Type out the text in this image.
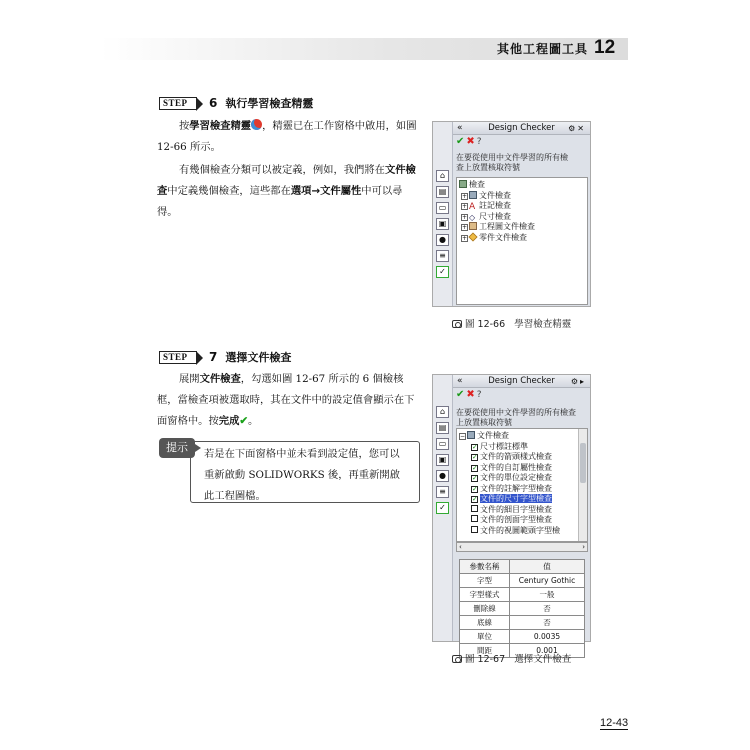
其他工程圖工具 12
STEP	6 執行學習檢查精靈
按學習檢查精靈 ，精靈已在工作窗格中啟用，如圖 12-66 所示。
有幾個檢查分類可以被定義，例如，我們將在文件檢查中定義幾個檢查，這些都在選項→文件屬性中可以尋得。
⌂
▤
▭
▣
●
≡
✓
«	Design Checker ⚙✕
✔✖?
在要從使用中文件學習的所有檢查上放置核取符號
檢查
+ 文件檢查
+ A 註記檢查
+ ◇ 尺寸檢查
+ 工程圖文件檢查
+ 零件文件檢查
圖 12-66 學習檢查精靈
STEP	7 選擇文件檢查
展開文件檢查，勾選如圖 12-67 所示的 6 個檢核框，當檢查項被選取時，其在文件中的設定值會顯示在下面窗格中。按完成✔。
提示	若是在下面窗格中並未看到設定值，您可以重新啟動 SOLIDWORKS 後，再重新開啟此工程圖檔。
⌂
▤
▭
▣
●
≡
✓
«	Design Checker ⚙▸
✔✖?
在要從使用中文件學習的所有檢查上放置核取符號
− 文件檢查
✓ 尺寸標註標準
✓ 文件的箭頭樣式檢查
✓ 文件的自訂屬性檢查
✓ 文件的單位設定檢查
✓ 文件的註解字型檢查
✓ 文件的尺寸字型檢查
文件的細目字型檢查
文件的剖面字型檢查
文件的視圖範頭字型檢
‹	›
參數名稱	值
字型	Century Gothic
字型樣式	一般
刪除線	否
底線	否
單位	0.0035
間距	0.001
圖 12-67 選擇文件檢查
12-43
